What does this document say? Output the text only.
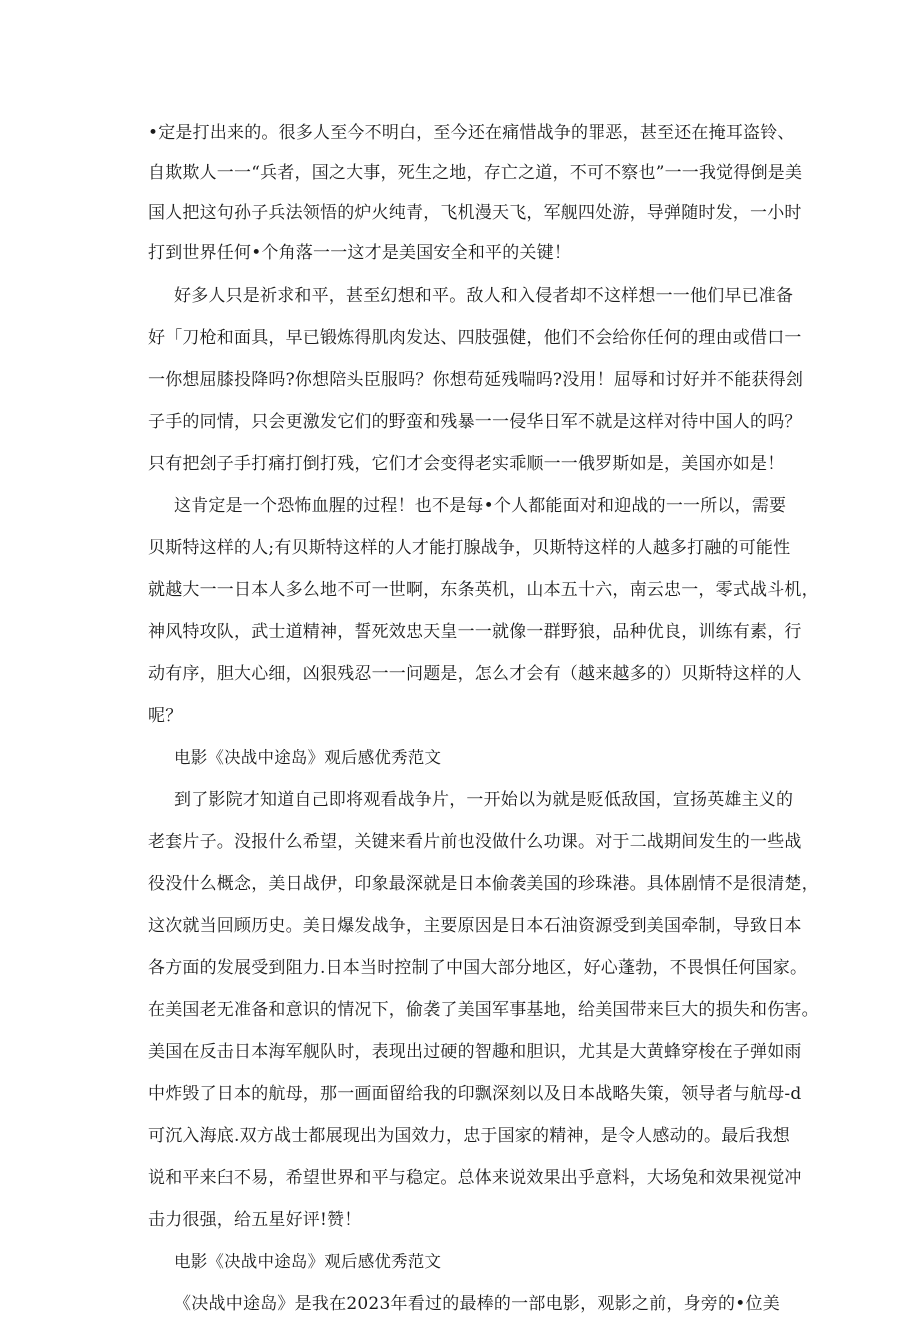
•定是打出来的。很多人至今不明白，至今还在痛惜战争的罪恶，甚至还在掩耳盗铃、
自欺欺人一一“兵者，国之大事，死生之地，存亡之道，不可不察也”一一我觉得倒是美
国人把这句孙子兵法领悟的炉火纯青，飞机漫天飞，军舰四处游，导弹随时发，一小时
打到世界任何•个角落一一这才是美国安全和平的关键！
好多人只是祈求和平，甚至幻想和平。敌人和入侵者却不这样想一一他们早已准备
好「刀枪和面具，早已锻炼得肌肉发达、四肢强健，他们不会给你任何的理由或借口一
一你想屈膝投降吗?你想陪头臣服吗？你想苟延残喘吗?没用！屈辱和讨好并不能获得刽
子手的同情，只会更激发它们的野蛮和残暴一一侵华日军不就是这样对待中国人的吗？
只有把刽子手打痛打倒打残，它们才会变得老实乖顺一一俄罗斯如是，美国亦如是！
这肯定是一个恐怖血腥的过程！也不是每•个人都能面对和迎战的一一所以，需要
贝斯特这样的人;有贝斯特这样的人才能打腺战争，贝斯特这样的人越多打融的可能性
就越大一一日本人多么地不可一世啊，东条英机，山本五十六，南云忠一，零式战斗机，
神风特攻队，武士道精神，誓死效忠天皇一一就像一群野狼，品种优良，训练有素，行
动有序，胆大心细，凶狠残忍一一问题是，怎么才会有（越来越多的）贝斯特这样的人
呢？
电影《决战中途岛》观后感优秀范文
到了影院才知道自己即将观看战争片，一开始以为就是贬低敌国，宣扬英雄主义的
老套片子。没报什么希望，关键来看片前也没做什么功课。对于二战期间发生的一些战
役没什么概念，美日战伊，印象最深就是日本偷袭美国的珍珠港。具体剧情不是很清楚，
这次就当回顾历史。美日爆发战争，主要原因是日本石油资源受到美国牵制，导致日本
各方面的发展受到阻力.日本当时控制了中国大部分地区，好心蓬勃，不畏惧任何国家。
在美国老无准备和意识的情况下，偷袭了美国军事基地，给美国带来巨大的损失和伤害。
美国在反击日本海军舰队时，表现出过硬的智趣和胆识，尤其是大黄蜂穿梭在子弹如雨
中炸毁了日本的航母，那一画面留给我的印飘深刻以及日本战略失策，领导者与航母-d
可沉入海底.双方战士都展现出为国效力，忠于国家的精神，是令人感动的。最后我想
说和平来臼不易，希望世界和平与稳定。总体来说效果出乎意料，大场兔和效果视觉冲
击力很强，给五星好评!赞！
电影《决战中途岛》观后感优秀范文
《决战中途岛》是我在2023年看过的最棒的一部电影，观影之前，身旁的•位美
